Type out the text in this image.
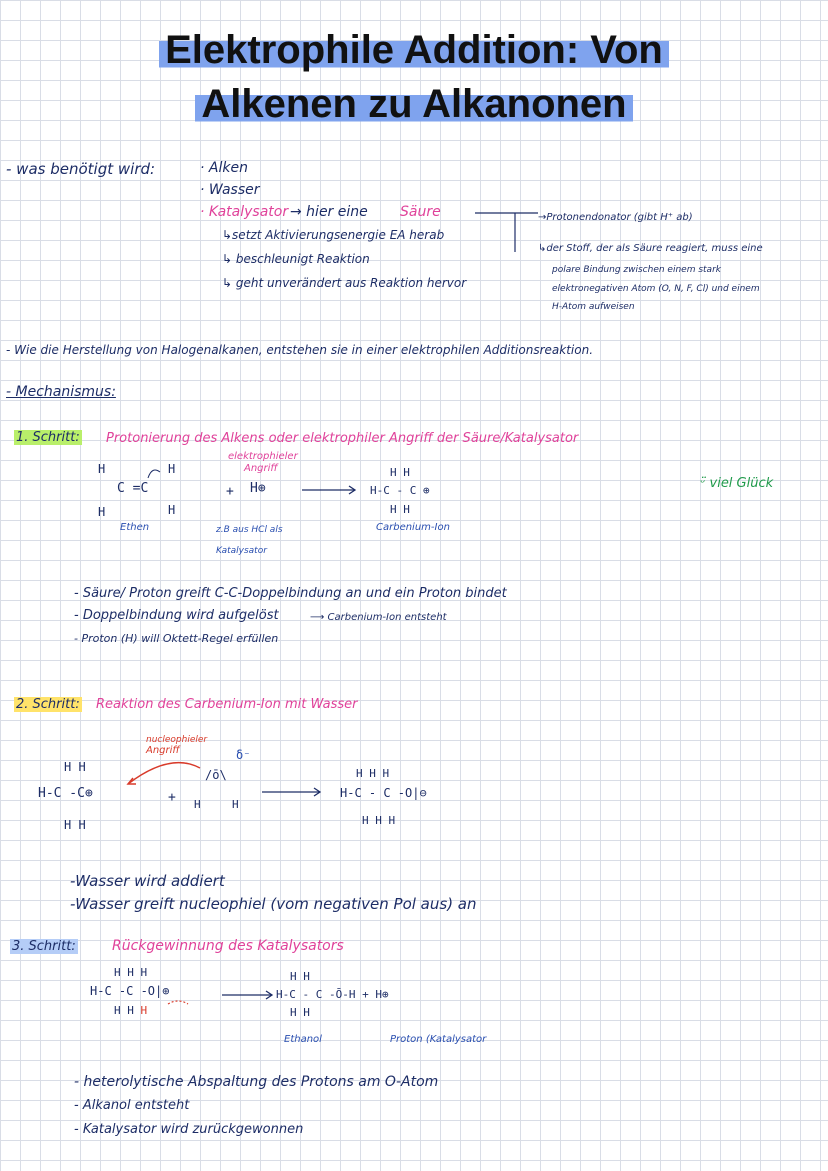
Elektrophile Addition: Von
Alkenen zu Alkanonen
- was benötigt wird:	· Alken
· Wasser
· Katalysator → hier eine Säure
↳setzt Aktivierungsenergie EA herab
↳ beschleunigt Reaktion
↳ geht unverändert aus Reaktion hervor
→Protonendonator (gibt H⁺ ab)
↳der Stoff, der als Säure reagiert, muss eine
polare Bindung zwischen einem stark
elektronegativen Atom (O, N, F, Cl) und einem
H-Atom aufweisen
- Wie die Herstellung von Halogenalkanen, entstehen sie in einer elektrophilen Additionsreaktion.
- Mechanismus:
1. Schritt: Protonierung des Alkens oder elektrophiler Angriff der Säure/Katalysator
ᵕ̈ viel Glück
elektrophieler
Angriff
H	H
C =C
H	H
+ H⊕
Ethen	z.B aus HCl als
Katalysator
H H
H-C - C ⊕
H H
Carbenium-Ion
- Säure/ Proton greift C-C-Doppelbindung an und ein Proton bindet
- Doppelbindung wird aufgelöst	⟶ Carbenium-Ion entsteht
- Proton (H) will Oktett-Regel erfüllen
2. Schritt: Reaktion des Carbenium-Ion mit Wasser
nucleophieler
Angriff
H H
H-C -C⊕
H H
+
/ō\
H	H
δ⁻
H H H
H-C - C -O|⊖
H H H
-Wasser wird addiert
-Wasser greift nucleophiel (vom negativen Pol aus) an
3. Schritt:	Rückgewinnung des Katalysators
H H H
H-C -C -O|⊕
H H H
H H
H-C - C -Ō-H + H⊕
H H
Ethanol	Proton (Katalysator
- heterolytische Abspaltung des Protons am O-Atom
- Alkanol entsteht
- Katalysator wird zurückgewonnen
